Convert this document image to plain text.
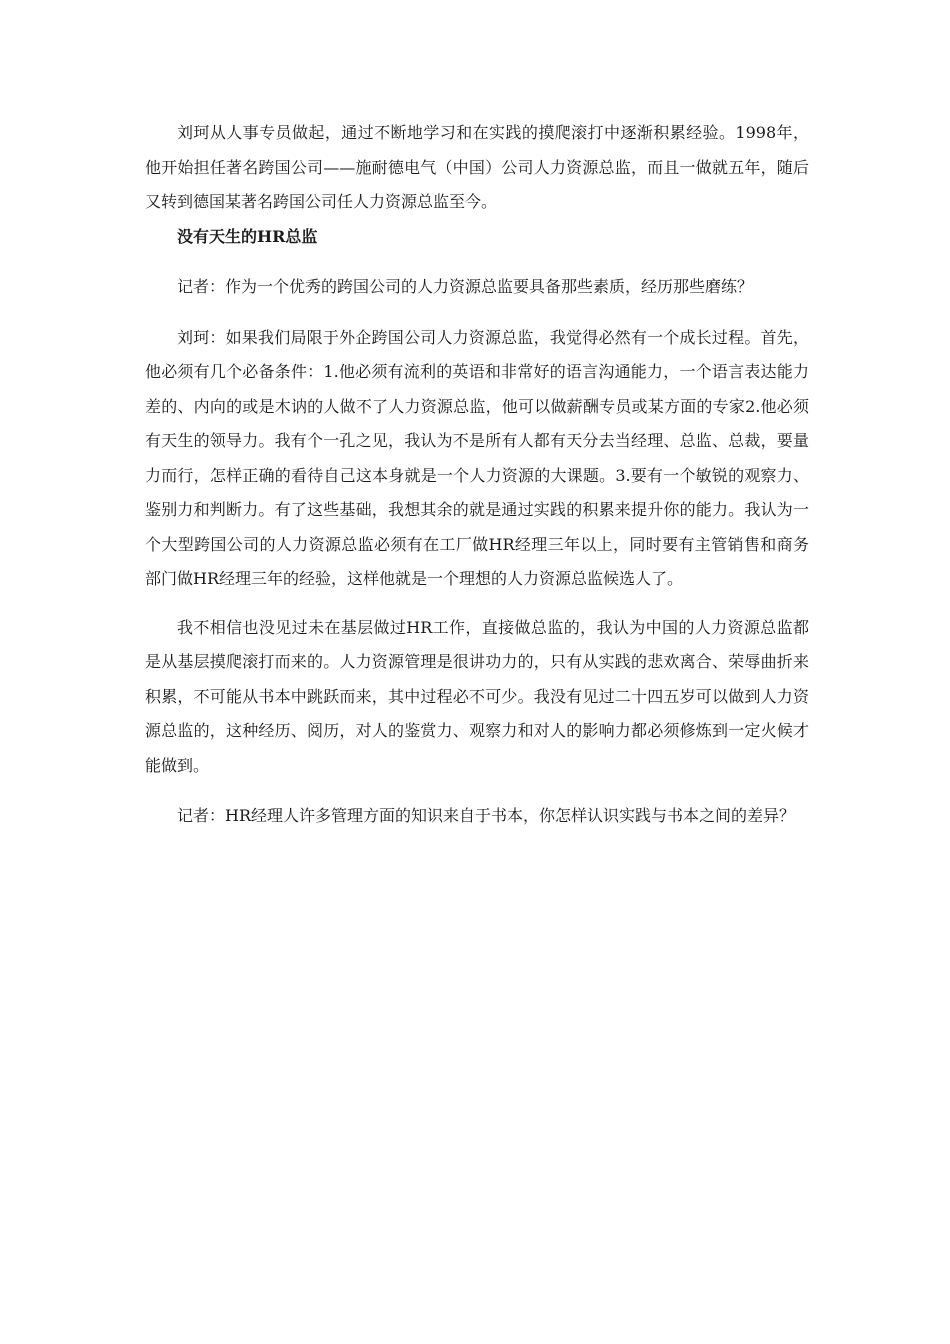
刘珂从人事专员做起，通过不断地学习和在实践的摸爬滚打中逐渐积累经验。1998年，他开始担任著名跨国公司——施耐德电气（中国）公司人力资源总监，而且一做就五年，随后又转到德国某著名跨国公司任人力资源总监至今。

没有天生的HR总监

记者：作为一个优秀的跨国公司的人力资源总监要具备那些素质，经历那些磨练？

刘珂：如果我们局限于外企跨国公司人力资源总监，我觉得必然有一个成长过程。首先，他必须有几个必备条件：1.他必须有流利的英语和非常好的语言沟通能力，一个语言表达能力差的、内向的或是木讷的人做不了人力资源总监，他可以做薪酬专员或某方面的专家2.他必须有天生的领导力。我有个一孔之见，我认为不是所有人都有天分去当经理、总监、总裁，要量力而行，怎样正确的看待自己这本身就是一个人力资源的大课题。3.要有一个敏锐的观察力、鉴别力和判断力。有了这些基础，我想其余的就是通过实践的积累来提升你的能力。我认为一个大型跨国公司的人力资源总监必须有在工厂做HR经理三年以上，同时要有主管销售和商务部门做HR经理三年的经验，这样他就是一个理想的人力资源总监候选人了。

我不相信也没见过未在基层做过HR工作，直接做总监的，我认为中国的人力资源总监都是从基层摸爬滚打而来的。人力资源管理是很讲功力的，只有从实践的悲欢离合、荣辱曲折来积累，不可能从书本中跳跃而来，其中过程必不可少。我没有见过二十四五岁可以做到人力资源总监的，这种经历、阅历，对人的鉴赏力、观察力和对人的影响力都必须修炼到一定火候才能做到。

记者：HR经理人许多管理方面的知识来自于书本，你怎样认识实践与书本之间的差异？
